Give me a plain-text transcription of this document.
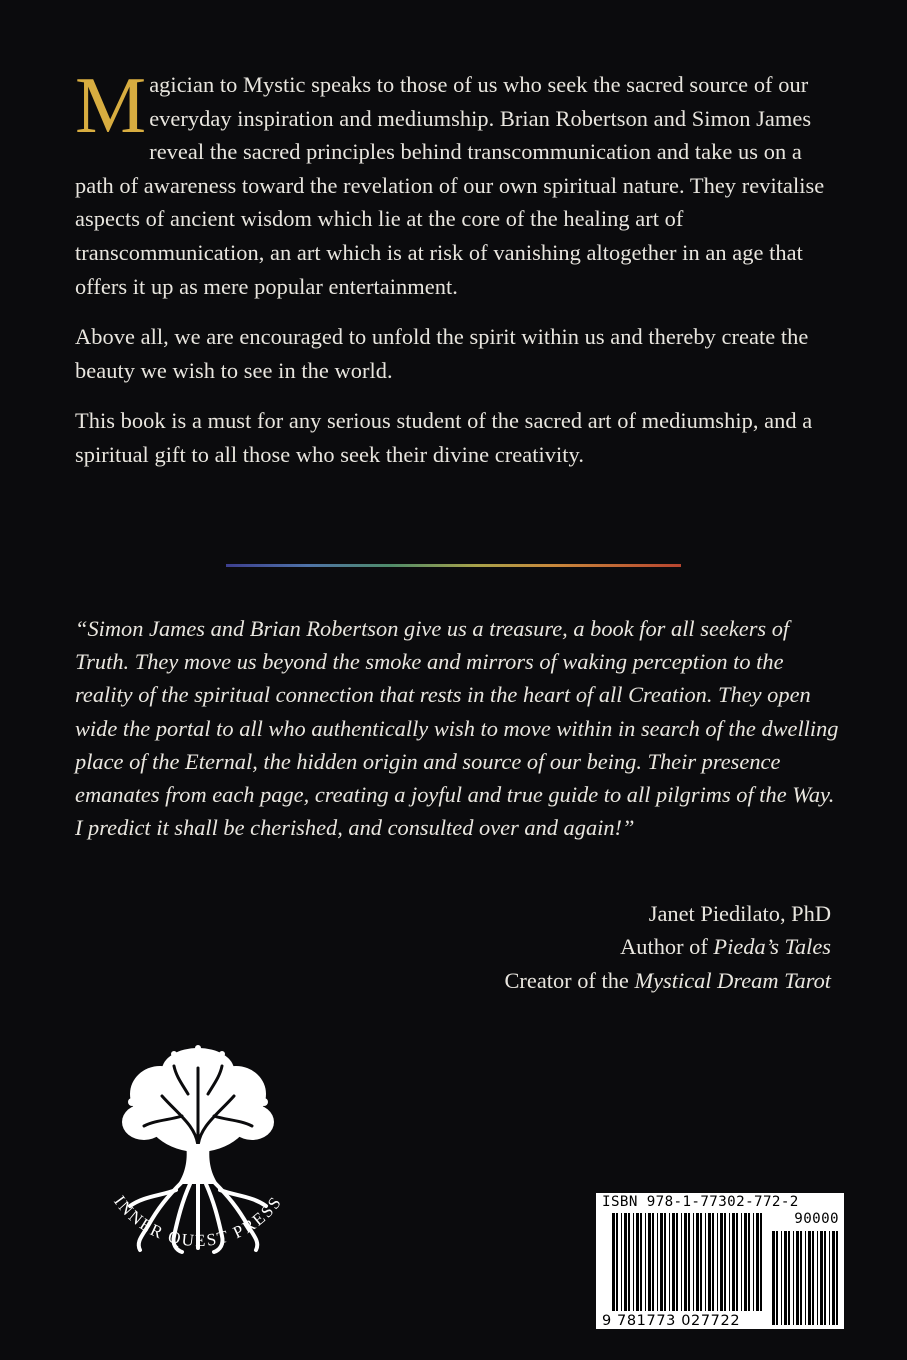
Magician to Mystic speaks to those of us who seek the sacred source of our everyday inspiration and mediumship. Brian Robertson and Simon James reveal the sacred principles behind transcommunication and take us on a path of awareness toward the revelation of our own spiritual nature. They revitalise aspects of ancient wisdom which lie at the core of the healing art of transcommunication, an art which is at risk of vanishing altogether in an age that offers it up as mere popular entertainment.

Above all, we are encouraged to unfold the spirit within us and thereby create the beauty we wish to see in the world.

This book is a must for any serious student of the sacred art of mediumship, and a spiritual gift to all those who seek their divine creativity.

“Simon James and Brian Robertson give us a treasure, a book for all seekers of Truth. They move us beyond the smoke and mirrors of waking perception to the reality of the spiritual connection that rests in the heart of all Creation. They open wide the portal to all who authentically wish to move within in search of the dwelling place of the Eternal, the hidden origin and source of our being. Their presence emanates from each page, creating a joyful and true guide to all pilgrims of the Way. I predict it shall be cherished, and consulted over and again!”

Janet Piedilato, PhD
Author of Pieda’s Tales
Creator of the Mystical Dream Tarot
INNER QUEST PRESS	ISBN 978-1-77302-772-2
90000
9 781773 027722
